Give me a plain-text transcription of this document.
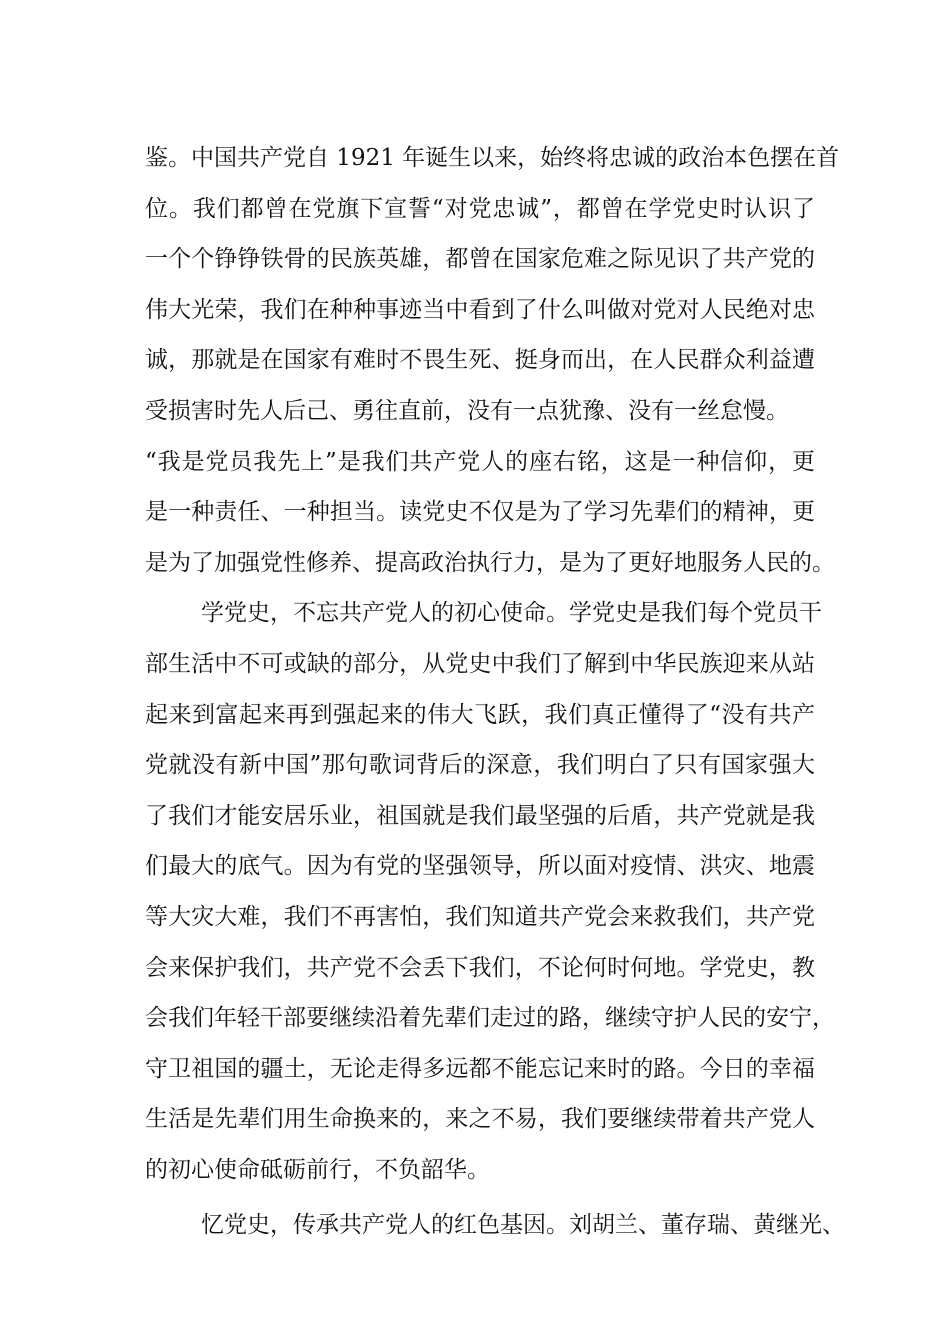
鉴。中国共产党自 1921 年诞生以来，始终将忠诚的政治本色摆在首
位。我们都曾在党旗下宣誓“对党忠诚”，都曾在学党史时认识了
一个个铮铮铁骨的民族英雄，都曾在国家危难之际见识了共产党的
伟大光荣，我们在种种事迹当中看到了什么叫做对党对人民绝对忠
诚，那就是在国家有难时不畏生死、挺身而出，在人民群众利益遭
受损害时先人后己、勇往直前，没有一点犹豫、没有一丝怠慢。
“我是党员我先上”是我们共产党人的座右铭，这是一种信仰，更
是一种责任、一种担当。读党史不仅是为了学习先辈们的精神，更
是为了加强党性修养、提高政治执行力，是为了更好地服务人民的。
学党史，不忘共产党人的初心使命。学党史是我们每个党员干
部生活中不可或缺的部分，从党史中我们了解到中华民族迎来从站
起来到富起来再到强起来的伟大飞跃，我们真正懂得了“没有共产
党就没有新中国”那句歌词背后的深意，我们明白了只有国家强大
了我们才能安居乐业，祖国就是我们最坚强的后盾，共产党就是我
们最大的底气。因为有党的坚强领导，所以面对疫情、洪灾、地震
等大灾大难，我们不再害怕，我们知道共产党会来救我们，共产党
会来保护我们，共产党不会丢下我们，不论何时何地。学党史，教
会我们年轻干部要继续沿着先辈们走过的路，继续守护人民的安宁，
守卫祖国的疆土，无论走得多远都不能忘记来时的路。今日的幸福
生活是先辈们用生命换来的，来之不易，我们要继续带着共产党人
的初心使命砥砺前行，不负韶华。
忆党史，传承共产党人的红色基因。刘胡兰、董存瑞、黄继光、
